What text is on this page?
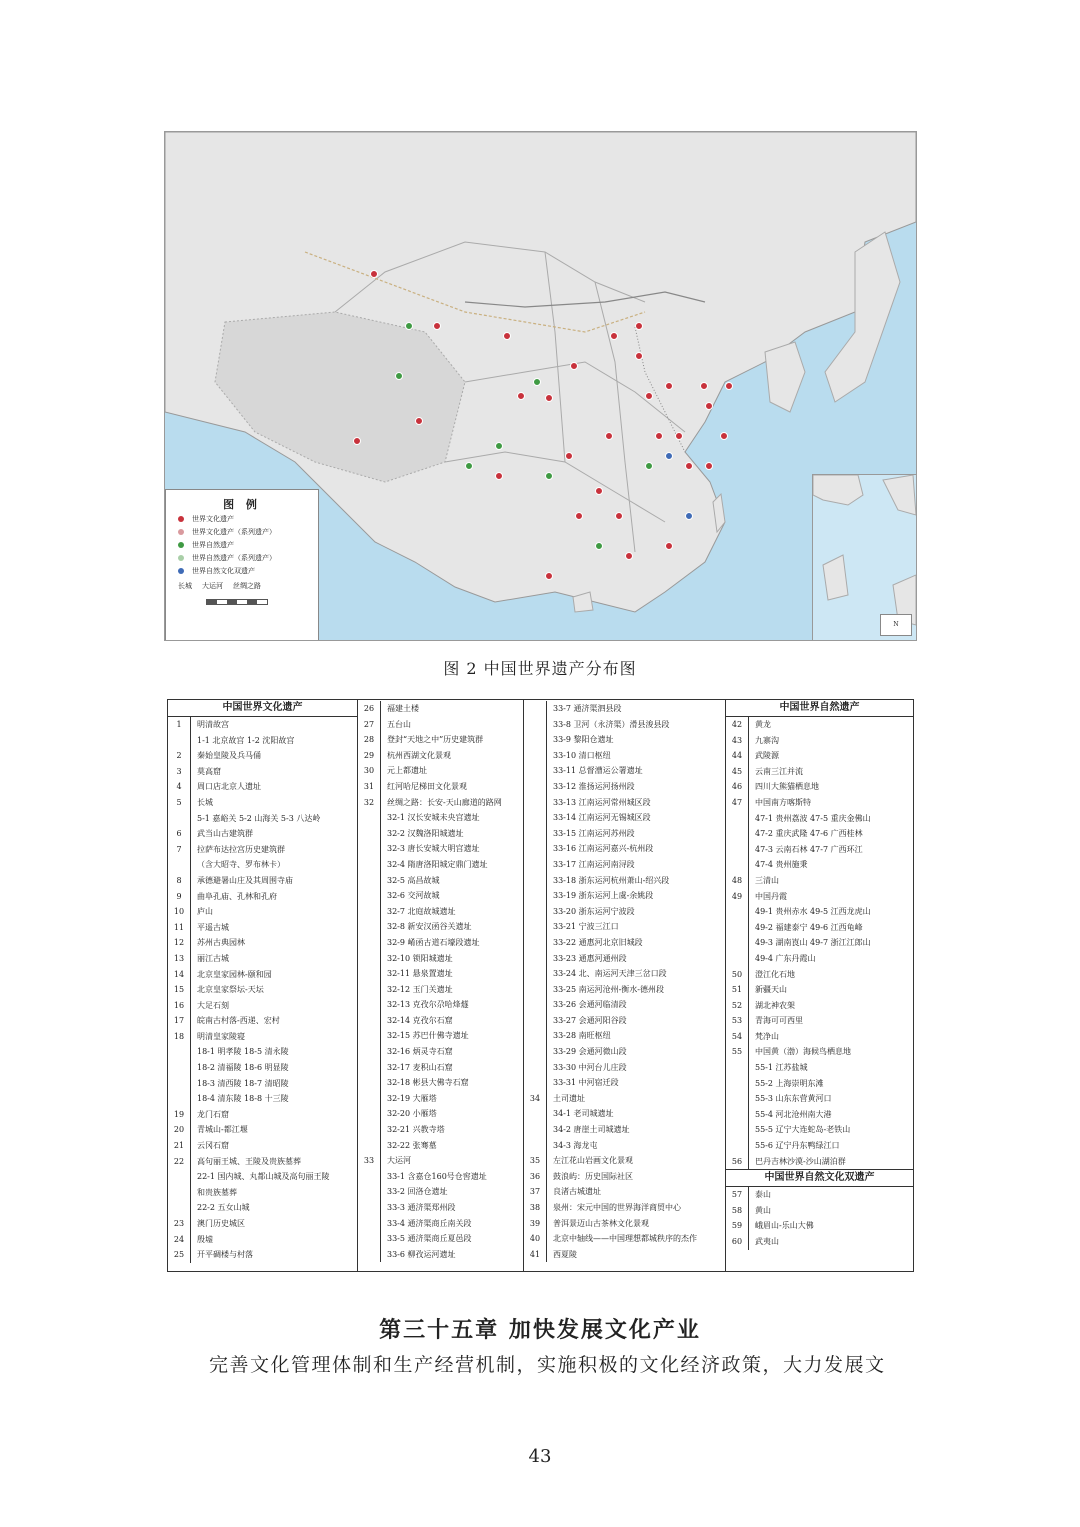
图 例
世界文化遗产
世界文化遗产（系列遗产）
世界自然遗产
世界自然遗产（系列遗产）
世界自然文化双遗产
长城 大运河 丝绸之路
N
图 2 中国世界遗产分布图
中国世界文化遗产
1	明清故宫
1-1 北京故宫 1-2 沈阳故宫
2	秦始皇陵及兵马俑
3	莫高窟
4	周口店北京人遗址
5	长城
5-1 嘉峪关 5-2 山海关 5-3 八达岭
6	武当山古建筑群
7	拉萨布达拉宫历史建筑群
（含大昭寺、罗布林卡）
8	承德避暑山庄及其周围寺庙
9	曲阜孔庙、孔林和孔府
10	庐山
11	平遥古城
12	苏州古典园林
13	丽江古城
14	北京皇家园林-颐和园
15	北京皇家祭坛-天坛
16	大足石刻
17	皖南古村落-西递、宏村
18	明清皇家陵寝
18-1 明孝陵 18-5 清永陵
18-2 清福陵 18-6 明显陵
18-3 清西陵 18-7 清昭陵
18-4 清东陵 18-8 十三陵
19	龙门石窟
20	青城山-都江堰
21	云冈石窟
22	高句丽王城、王陵及贵族墓葬
22-1 国内城、丸都山城及高句丽王陵
和贵族墓葬
22-2 五女山城
23	澳门历史城区
24	殷墟
25	开平碉楼与村落
26	福建土楼
27	五台山
28	登封“天地之中”历史建筑群
29	杭州西湖文化景观
30	元上都遗址
31	红河哈尼梯田文化景观
32	丝绸之路：长安-天山廊道的路网
32-1 汉长安城未央宫遗址
32-2 汉魏洛阳城遗址
32-3 唐长安城大明宫遗址
32-4 隋唐洛阳城定鼎门遗址
32-5 高昌故城
32-6 交河故城
32-7 北庭故城遗址
32-8 新安汉函谷关遗址
32-9 崤函古道石壕段遗址
32-10 锁阳城遗址
32-11 悬泉置遗址
32-12 玉门关遗址
32-13 克孜尔尕哈烽燧
32-14 克孜尔石窟
32-15 苏巴什佛寺遗址
32-16 炳灵寺石窟
32-17 麦积山石窟
32-18 彬县大佛寺石窟
32-19 大雁塔
32-20 小雁塔
32-21 兴教寺塔
32-22 张骞墓
33	大运河
33-1 含嘉仓160号仓窖遗址
33-2 回洛仓遗址
33-3 通济渠郑州段
33-4 通济渠商丘南关段
33-5 通济渠商丘夏邑段
33-6 柳孜运河遗址
33-7 通济渠泗县段
33-8 卫河（永济渠）滑县浚县段
33-9 黎阳仓遗址
33-10 清口枢纽
33-11 总督漕运公署遗址
33-12 淮扬运河扬州段
33-13 江南运河常州城区段
33-14 江南运河无锡城区段
33-15 江南运河苏州段
33-16 江南运河嘉兴-杭州段
33-17 江南运河南浔段
33-18 浙东运河杭州萧山-绍兴段
33-19 浙东运河上虞-余姚段
33-20 浙东运河宁波段
33-21 宁波三江口
33-22 通惠河北京旧城段
33-23 通惠河通州段
33-24 北、南运河天津三岔口段
33-25 南运河沧州-衡水-德州段
33-26 会通河临清段
33-27 会通河阳谷段
33-28 南旺枢纽
33-29 会通河微山段
33-30 中河台儿庄段
33-31 中河宿迁段
34	土司遗址
34-1 老司城遗址
34-2 唐崖土司城遗址
34-3 海龙屯
35	左江花山岩画文化景观
36	鼓浪屿：历史国际社区
37	良渚古城遗址
38	泉州：宋元中国的世界海洋商贸中心
39	普洱景迈山古茶林文化景观
40	北京中轴线——中国理想都城秩序的杰作
41	西夏陵
中国世界自然遗产
42	黄龙
43	九寨沟
44	武陵源
45	云南三江并流
46	四川大熊猫栖息地
47	中国南方喀斯特
47-1 贵州荔波 47-5 重庆金佛山
47-2 重庆武隆 47-6 广西桂林
47-3 云南石林 47-7 广西环江
47-4 贵州施秉
48	三清山
49	中国丹霞
49-1 贵州赤水 49-5 江西龙虎山
49-2 福建泰宁 49-6 江西龟峰
49-3 湖南崀山 49-7 浙江江郎山
49-4 广东丹霞山
50	澄江化石地
51	新疆天山
52	湖北神农架
53	青海可可西里
54	梵净山
55	中国黄（渤）海候鸟栖息地
55-1 江苏盐城
55-2 上海崇明东滩
55-3 山东东营黄河口
55-4 河北沧州南大港
55-5 辽宁大连蛇岛-老铁山
55-6 辽宁丹东鸭绿江口
56	巴丹吉林沙漠-沙山湖泊群
中国世界自然文化双遗产
57	泰山
58	黄山
59	峨眉山-乐山大佛
60	武夷山
第三十五章 加快发展文化产业
完善文化管理体制和生产经营机制，实施积极的文化经济政策，大力发展文
43
